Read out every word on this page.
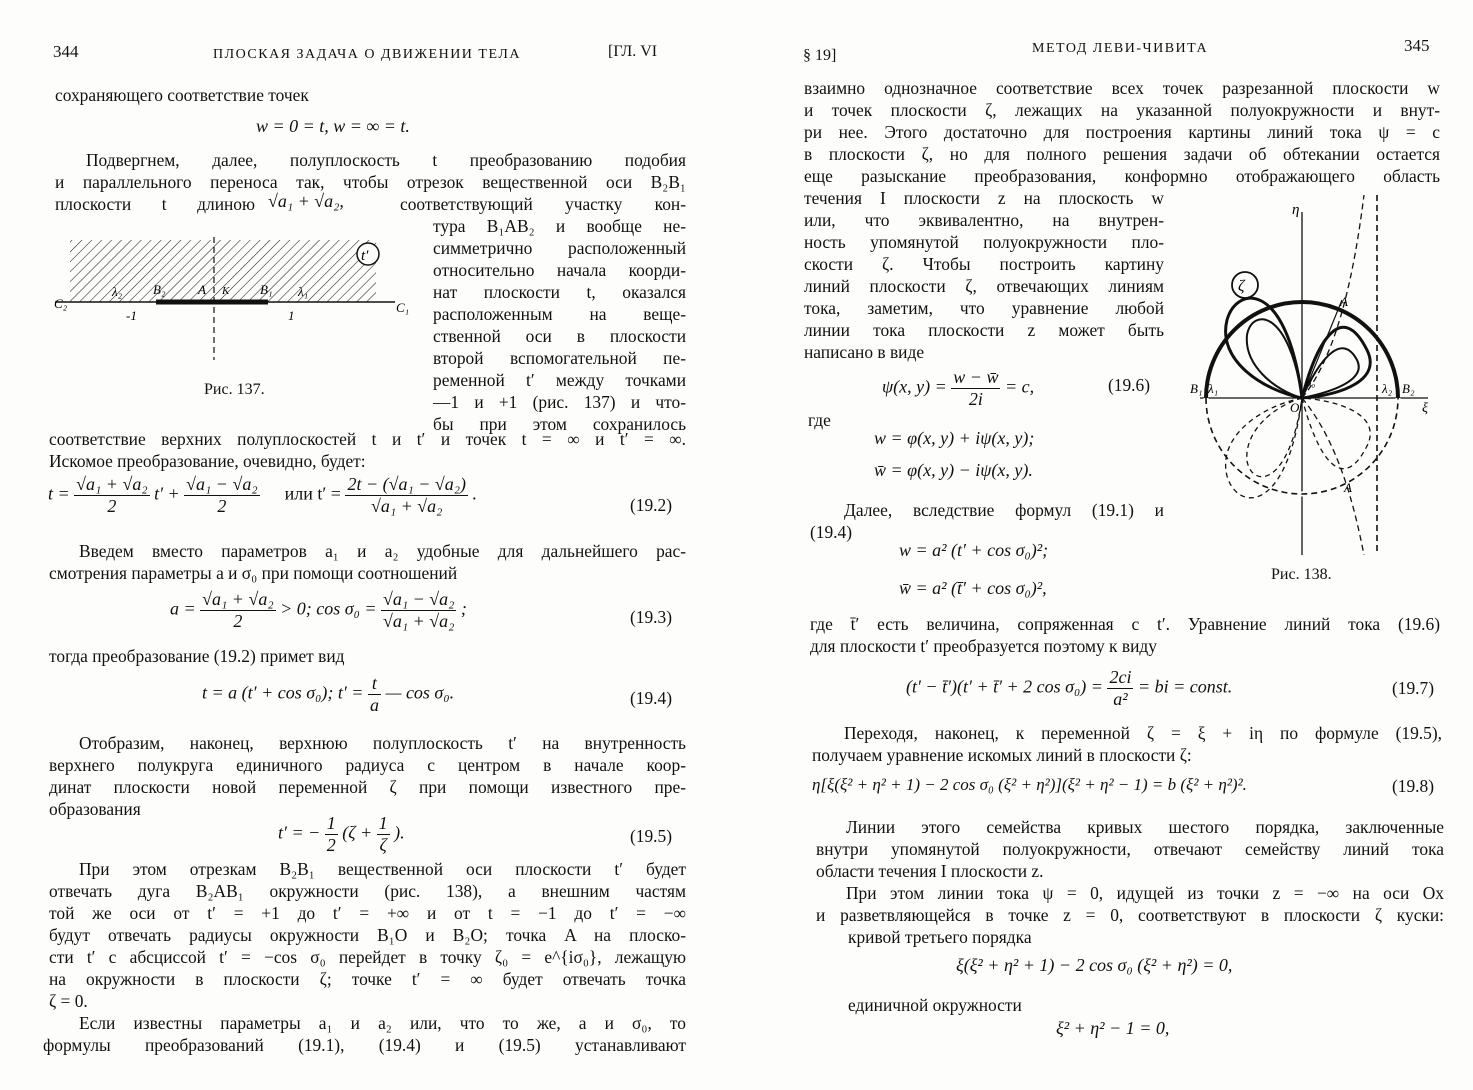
344	ПЛОСКАЯ ЗАДАЧА О ДВИЖЕНИИ ТЕЛА	[ГЛ. VI
сохраняющего соответствие точек
w = 0 = t, w = ∞ = t.
Подвергнем, далее, полуплоскость t преобразованию подобия
и параллельного переноса так, чтобы отрезок вещественной оси B₂B₁
плоскости t длиною √a₁ + √a₂,	соответствующий участку кон-
тура B₁AB₂ и вообще не-
симметрично расположенный
относительно начала коорди-
нат плоскости t, оказался
расположенным на веще-
ственной оси в плоскости
второй вспомогательной пе-
ременной t′ между точками
—1 и +1 (рис. 137) и что-
бы при этом сохранилось
t′
C₂
λ₂ B₂	A K B₁ λ₁
C₁
-1	1
Рис. 137.
соответствие верхних полуплоскостей t и t′ и точек t = ∞ и t′ = ∞.
Искомое преобразование, очевидно, будет:
$t = \frac{\text{√a₁ + √a₂}}{2} t' + \frac{\text{√a₁ − √a₂}}{2}$ или $t' = \frac{\text{2t − (√a₁ − √a₂)}}{\text{√a₁ + √a₂}}$ .
(19.2)
Введем вместо параметров a₁ и a₂ удобные для дальнейшего рас-
смотрения параметры a и σ₀ при помощи соотношений
$a = \frac{\text{√a₁ + √a₂}}{2} > 0$; $\cos \sigma_0 = \frac{\text{√a₁ − √a₂}}{\text{√a₁ + √a₂}}$ ;	(19.3)
тогда преобразование (19.2) примет вид
t = a (t′ + cos σ₀); $t' = \frac{t}{a}$ — cos σ₀.	(19.4)
Отобразим, наконец, верхнюю полуплоскость t′ на внутренность
верхнего полукруга единичного радиуса с центром в начале коор-
динат плоскости новой переменной ζ при помощи известного пре-
образования
t′ = − $\frac{1}{2} (\zeta + \frac{1}{\zeta}$ ).	(19.5)
При этом отрезкам B₂B₁ вещественной оси плоскости t′ будет
отвечать дуга B₂AB₁ окружности (рис. 138), а внешним частям
той же оси от t′ = +1 до t′ = +∞ и от t = −1 до t′ = −∞
будут отвечать радиусы окружности B₁O и B₂O; точка A на плоско-
сти t′ с абсциссой t′ = −cos σ₀ перейдет в точку ζ₀ = e^{iσ₀}, лежащую
на окружности в плоскости ζ; точке t′ = ∞ будет отвечать точка
ζ = 0.
Если известны параметры a₁ и a₂ или, что то же, a и σ₀, то
формулы преобразований (19.1), (19.4) и (19.5) устанавливают
§ 19]	МЕТОД ЛЕВИ-ЧИВИТА	345
взаимно однозначное соответствие всех точек разрезанной плоскости w
и точек плоскости ζ, лежащих на указанной полуокружности и внут-
ри нее. Этого достаточно для построения картины линий тока ψ = c
в плоскости ζ, но для полного решения задачи об обтекании остается
еще разыскание преобразования, конформно отображающего область
течения I плоскости z на плоскость w
или, что эквивалентно, на внутрен-
ность упомянутой полуокружности пло-
скости ζ. Чтобы построить картину
линий плоскости ζ, отвечающих линиям
тока, заметим, что уравнение любой
линии тока плоскости z может быть
написано в виде
ψ(x, $y) = \frac{w - w̄}{2i} = c$,	(19.6)
где
w = φ(x, y) + iψ(x, y);
w̄ = φ(x, y) − iψ(x, y).
Далее, вследствие формул (19.1) и
(19.4)
w = a² (t′ + cos σ₀)²;
w̄ = a² (t̄′ + cos σ₀)²,
ζ
η
ξ
B₁ λ₁	σ₀
O
λ₂ B₂
A
A
Рис. 138.
где t̄′ есть величина, сопряженная с t′. Уравнение линий тока (19.6)
для плоскости t′ преобразуется поэтому к виду
(t′ − t̄′)(t′ + t̄′ + 2 $\cos \sigma_0) = \frac{2ci}{\text{a²}}$ = bi = const.	(19.7)
Переходя, наконец, к переменной ζ = ξ + iη по формуле (19.5),
получаем уравнение искомых линий в плоскости ζ:
η[ξ(ξ² + η² + 1) − 2 cos σ₀ (ξ² + η²)](ξ² + η² − 1) = b (ξ² + η²)².	(19.8)
Линии этого семейства кривых шестого порядка, заключенные
внутри упомянутой полуокружности, отвечают семейству линий тока
области течения I плоскости z.
При этом линии тока ψ = 0, идущей из точки z = −∞ на оси Ox
и разветвляющейся в точке z = 0, соответствуют в плоскости ζ куски:
кривой третьего порядка
ξ(ξ² + η² + 1) − 2 cos σ₀ (ξ² + η²) = 0,
единичной окружности
ξ² + η² − 1 = 0,
